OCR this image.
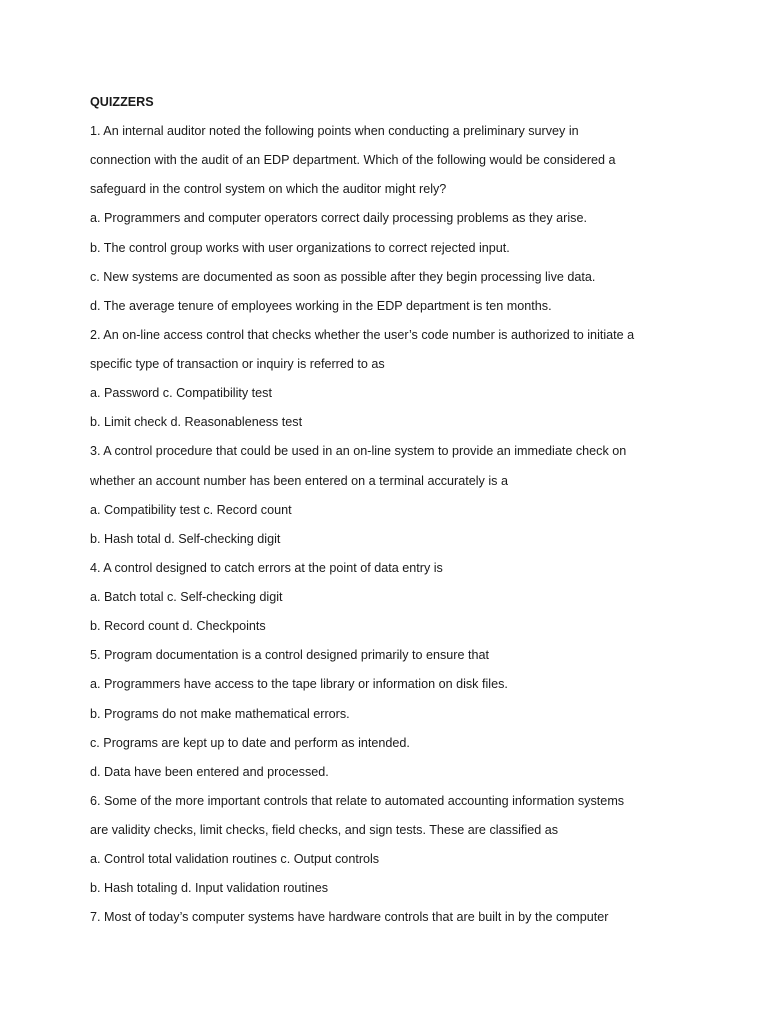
QUIZZERS
1. An internal auditor noted the following points when conducting a preliminary survey in
connection with the audit of an EDP department. Which of the following would be considered a
safeguard in the control system on which the auditor might rely?
a. Programmers and computer operators correct daily processing problems as they arise.
b. The control group works with user organizations to correct rejected input.
c. New systems are documented as soon as possible after they begin processing live data.
d. The average tenure of employees working in the EDP department is ten months.
2. An on-line access control that checks whether the user’s code number is authorized to initiate a
specific type of transaction or inquiry is referred to as
a. Password c. Compatibility test
b. Limit check d. Reasonableness test
3. A control procedure that could be used in an on-line system to provide an immediate check on
whether an account number has been entered on a terminal accurately is a
a. Compatibility test c. Record count
b. Hash total d. Self-checking digit
4. A control designed to catch errors at the point of data entry is
a. Batch total c. Self-checking digit
b. Record count d. Checkpoints
5. Program documentation is a control designed primarily to ensure that
a. Programmers have access to the tape library or information on disk files.
b. Programs do not make mathematical errors.
c. Programs are kept up to date and perform as intended.
d. Data have been entered and processed.
6. Some of the more important controls that relate to automated accounting information systems
are validity checks, limit checks, field checks, and sign tests. These are classified as
a. Control total validation routines c. Output controls
b. Hash totaling d. Input validation routines
7. Most of today’s computer systems have hardware controls that are built in by the computer
